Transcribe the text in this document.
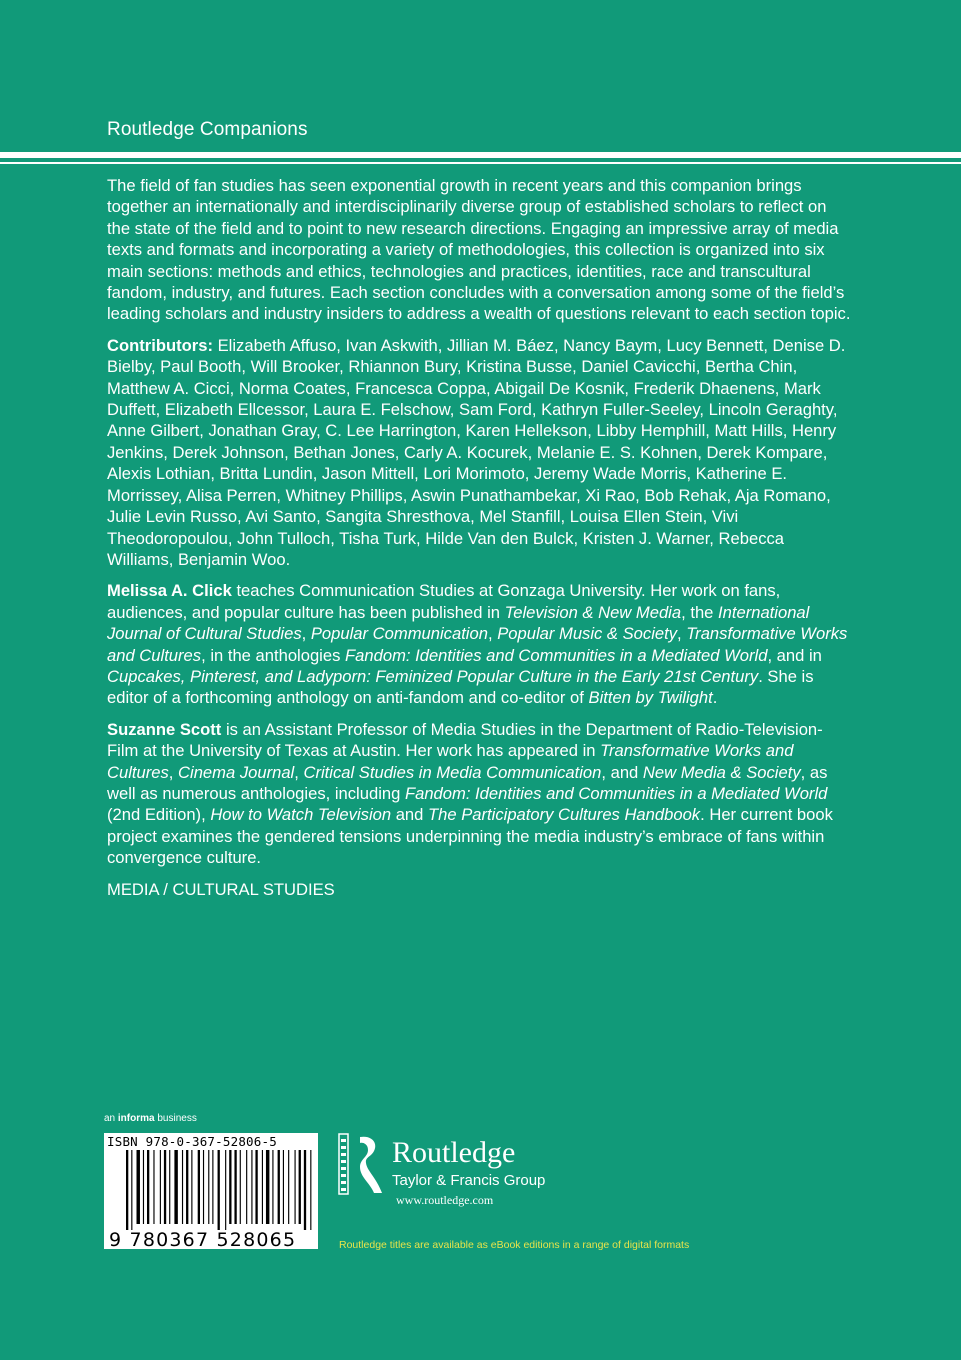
Routledge Companions

The field of fan studies has seen exponential growth in recent years and this companion brings together an internationally and interdisciplinarily diverse group of established scholars to reflect on the state of the field and to point to new research directions. Engaging an impressive array of media texts and formats and incorporating a variety of methodologies, this collection is organized into six main sections: methods and ethics, technologies and practices, identities, race and transcultural fandom, industry, and futures. Each section concludes with a conversation among some of the field’s leading scholars and industry insiders to address a wealth of questions relevant to each section topic.

Contributors: Elizabeth Affuso, Ivan Askwith, Jillian M. Báez, Nancy Baym, Lucy Bennett, Denise D. Bielby, Paul Booth, Will Brooker, Rhiannon Bury, Kristina Busse, Daniel Cavicchi, Bertha Chin, Matthew A. Cicci, Norma Coates, Francesca Coppa, Abigail De Kosnik, Frederik Dhaenens, Mark Duffett, Elizabeth Ellcessor, Laura E. Felschow, Sam Ford, Kathryn Fuller-Seeley, Lincoln Geraghty, Anne Gilbert, Jonathan Gray, C. Lee Harrington, Karen Hellekson, Libby Hemphill, Matt Hills, Henry Jenkins, Derek Johnson, Bethan Jones, Carly A. Kocurek, Melanie E. S. Kohnen, Derek Kompare, Alexis Lothian, Britta Lundin, Jason Mittell, Lori Morimoto, Jeremy Wade Morris, Katherine E. Morrissey, Alisa Perren, Whitney Phillips, Aswin Punathambekar, Xi Rao, Bob Rehak, Aja Romano, Julie Levin Russo, Avi Santo, Sangita Shresthova, Mel Stanfill, Louisa Ellen Stein, Vivi Theodoropoulou, John Tulloch, Tisha Turk, Hilde Van den Bulck, Kristen J. Warner, Rebecca Williams, Benjamin Woo.

Melissa A. Click teaches Communication Studies at Gonzaga University. Her work on fans, audiences, and popular culture has been published in Television & New Media, the International Journal of Cultural Studies, Popular Communication, Popular Music & Society, Transformative Works and Cultures, in the anthologies Fandom: Identities and Communities in a Mediated World, and in Cupcakes, Pinterest, and Ladyporn: Feminized Popular Culture in the Early 21st Century. She is editor of a forthcoming anthology on anti-fandom and co-editor of Bitten by Twilight.

Suzanne Scott is an Assistant Professor of Media Studies in the Department of Radio-Television-Film at the University of Texas at Austin. Her work has appeared in Transformative Works and Cultures, Cinema Journal, Critical Studies in Media Communication, and New Media & Society, as well as numerous anthologies, including Fandom: Identities and Communities in a Mediated World (2nd Edition), How to Watch Television and The Participatory Cultures Handbook. Her current book project examines the gendered tensions underpinning the media industry’s embrace of fans within convergence culture.

MEDIA / CULTURAL STUDIES

an informa business
ISBN 978-0-367-52806-5
9 780367 528065
Routledge
Taylor & Francis Group
www.routledge.com
Routledge titles are available as eBook editions in a range of digital formats
